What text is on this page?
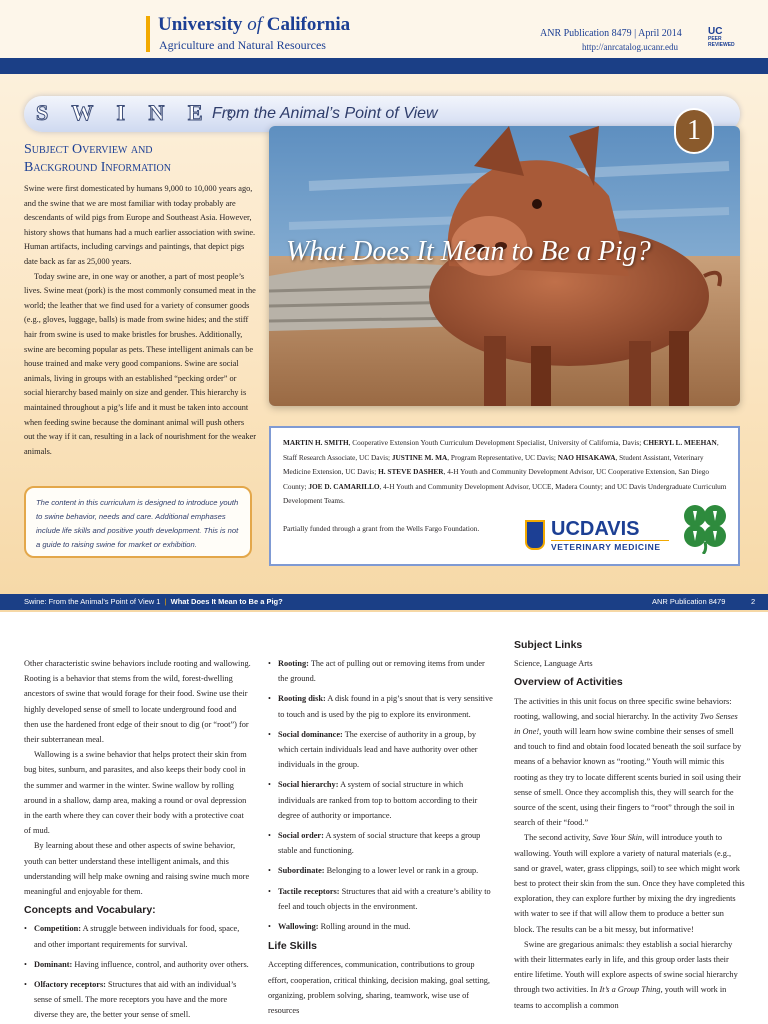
University of California
Agriculture and Natural Resources
ANR Publication 8479 | April 2014
http://anrcatalog.ucanr.edu
UC
PEER REVIEWED
S W I N E :
From the Animal’s Point of View
What Does It Mean to Be a Pig?
1
Subject Overview and
Background Information

Swine were first domesticated by humans 9,000 to 10,000 years ago, and the swine that we are most familiar with today probably are descendants of wild pigs from Europe and Southeast Asia. However, history shows that humans had a much earlier association with swine. Human artifacts, including carvings and paintings, that depict pigs date back as far as 25,000 years.

Today swine are, in one way or another, a part of most people’s lives. Swine meat (pork) is the most commonly consumed meat in the world; the leather that we find used for a variety of consumer goods (e.g., gloves, luggage, balls) is made from swine hides; and the stiff hair from swine is used to make bristles for brushes. Additionally, swine are becoming popular as pets. These intelligent animals can be house trained and make very good companions. Swine are social animals, living in groups with an established “pecking order” or social hierarchy based mainly on size and gender. This hierarchy is maintained throughout a pig’s life and it must be taken into account when feeding swine because the dominant animal will push others out the way if it can, resulting in a lack of nourishment for the weaker animals.

The content in this curriculum is designed to introduce youth to swine behavior, needs and care. Additional emphases include life skills and positive youth development. This is not a guide to raising swine for market or exhibition.
MARTIN H. SMITH, Cooperative Extension Youth Curriculum Development Specialist, University of California, Davis; CHERYL L. MEEHAN, Staff Research Associate, UC Davis; JUSTINE M. MA, Program Representative, UC Davis; NAO HISAKAWA, Student Assistant, Veterinary Medicine Extension, UC Davis; H. STEVE DASHER, 4-H Youth and Community Development Advisor, UC Cooperative Extension, San Diego County; JOE D. CAMARILLO, 4-H Youth and Community Development Advisor, UCCE, Madera County; and UC Davis Undergraduate Curriculum Development Teams.
Partially funded through a grant from the Wells Fargo Foundation.	UCDAVIS
VETERINARY MEDICINE
Swine: From the Animal’s Point of View 1 | What Does It Mean to Be a Pig?	ANR Publication 8479	2

Other characteristic swine behaviors include rooting and wallowing. Rooting is a behavior that stems from the wild, forest-dwelling ancestors of swine that would forage for their food. Swine use their highly developed sense of smell to locate underground food and then use the hardened front edge of their snout to dig (or “root”) for their subterranean meal.

Wallowing is a swine behavior that helps protect their skin from bug bites, sunburn, and parasites, and also keeps their body cool in the summer and warmer in the winter. Swine wallow by rolling around in a shallow, damp area, making a round or oval depression in the earth where they can cover their body with a protective coat of mud.

By learning about these and other aspects of swine behavior, youth can better understand these intelligent animals, and this understanding will help make owning and raising swine much more meaningful and enjoyable for them.

Concepts and Vocabulary:
• Competition: A struggle between individuals for food, space, and other important requirements for survival.
• Dominant: Having influence, control, and authority over others.
• Olfactory receptors: Structures that aid with an individual’s sense of smell. The more receptors you have and the more diverse they are, the better your sense of smell.
• Rooting: The act of pulling out or removing items from under the ground.
• Rooting disk: A disk found in a pig’s snout that is very sensitive to touch and is used by the pig to explore its environment.
• Social dominance: The exercise of authority in a group, by which certain individuals lead and have authority over other individuals in the group.
• Social hierarchy: A system of social structure in which individuals are ranked from top to bottom according to their degree of authority or importance.
• Social order: A system of social structure that keeps a group stable and functioning.
• Subordinate: Belonging to a lower level or rank in a group.
• Tactile receptors: Structures that aid with a creature’s ability to feel and touch objects in the environment.
• Wallowing: Rolling around in the mud.
Life Skills

Accepting differences, communication, contributions to group effort, cooperation, critical thinking, decision making, goal setting, organizing, problem solving, sharing, teamwork, wise use of resources

Subject Links

Science, Language Arts

Overview of Activities

The activities in this unit focus on three specific swine behaviors: rooting, wallowing, and social hierarchy. In the activity Two Senses in One!, youth will learn how swine combine their senses of smell and touch to find and obtain food located beneath the soil surface by means of a behavior known as “rooting.” Youth will mimic this rooting as they try to locate different scents buried in soil using their sense of smell. Once they accomplish this, they will search for the source of the scent, using their fingers to “root” through the soil in search of their “food.”

The second activity, Save Your Skin, will introduce youth to wallowing. Youth will explore a variety of natural materials (e.g., sand or gravel, water, grass clippings, soil) to see which might work best to protect their skin from the sun. Once they have completed this exploration, they can explore further by mixing the dry ingredients with water to see if that will allow them to produce a better sun block. The results can be a bit messy, but informative!

Swine are gregarious animals: they establish a social hierarchy with their littermates early in life, and this group order lasts their entire lifetime. Youth will explore aspects of swine social hierarchy through two activities. In It’s a Group Thing, youth will work in teams to accomplish a common
